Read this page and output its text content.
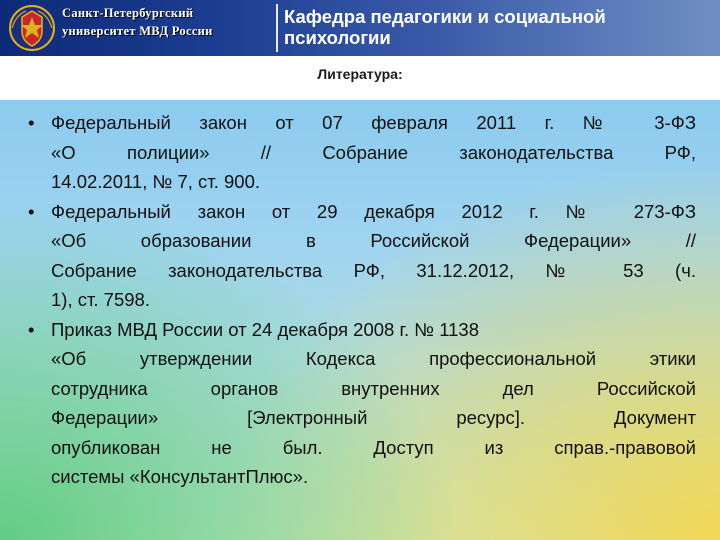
Санкт-Петербургский
университет МВД России
Кафедра педагогики и социальной
психологии
Литература:
• Федеральный закон от 07 февраля 2011 г. № 3-ФЗ
«О полиции» // Собрание законодательства РФ,
14.02.2011, № 7, ст. 900.
• Федеральный закон от 29 декабря 2012 г. № 273-ФЗ
«Об образовании в Российской Федерации» //
Собрание законодательства РФ, 31.12.2012, № 53 (ч.
1), ст. 7598.
• Приказ МВД России от 24 декабря 2008 г. № 1138
«Об утверждении Кодекса профессиональной этики
сотрудника органов внутренних дел Российской
Федерации» [Электронный ресурс]. Документ
опубликован не был. Доступ из справ.-правовой
системы «КонсультантПлюс».
